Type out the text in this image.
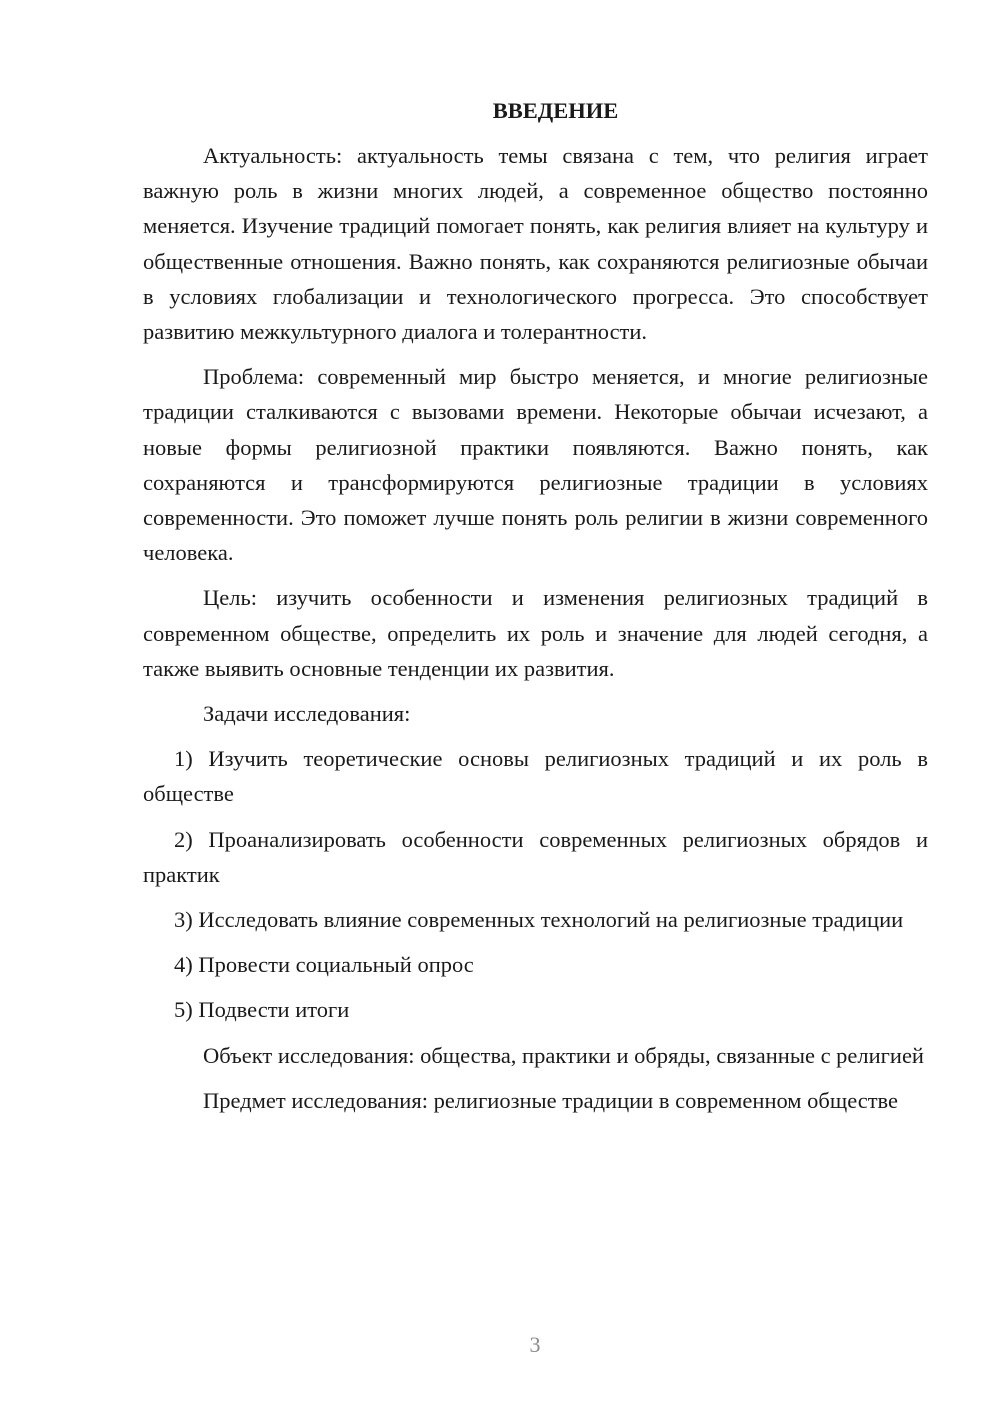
ВВЕДЕНИЕ

Актуальность: актуальность темы связана с тем, что религия играет важную роль в жизни многих людей, а современное общество постоянно меняется. Изучение традиций помогает понять, как религия влияет на культуру и общественные отношения. Важно понять, как сохраняются религиозные обычаи в условиях глобализации и технологического прогресса. Это способствует развитию межкультурного диалога и толерантности.

Проблема: современный мир быстро меняется, и многие религиозные традиции сталкиваются с вызовами времени. Некоторые обычаи исчезают, а новые формы религиозной практики появляются. Важно понять, как сохраняются и трансформируются религиозные традиции в условиях современности. Это поможет лучше понять роль религии в жизни современного человека.

Цель: изучить особенности и изменения религиозных традиций в современном обществе, определить их роль и значение для людей сегодня, а также выявить основные тенденции их развития.

Задачи исследования:

1) Изучить теоретические основы религиозных традиций и их роль в обществе

2) Проанализировать особенности современных религиозных обрядов и практик

3) Исследовать влияние современных технологий на религиозные традиции

4) Провести социальный опрос

5) Подвести итоги

Объект исследования: общества, практики и обряды, связанные с религией

Предмет исследования: религиозные традиции в современном обществе

3
